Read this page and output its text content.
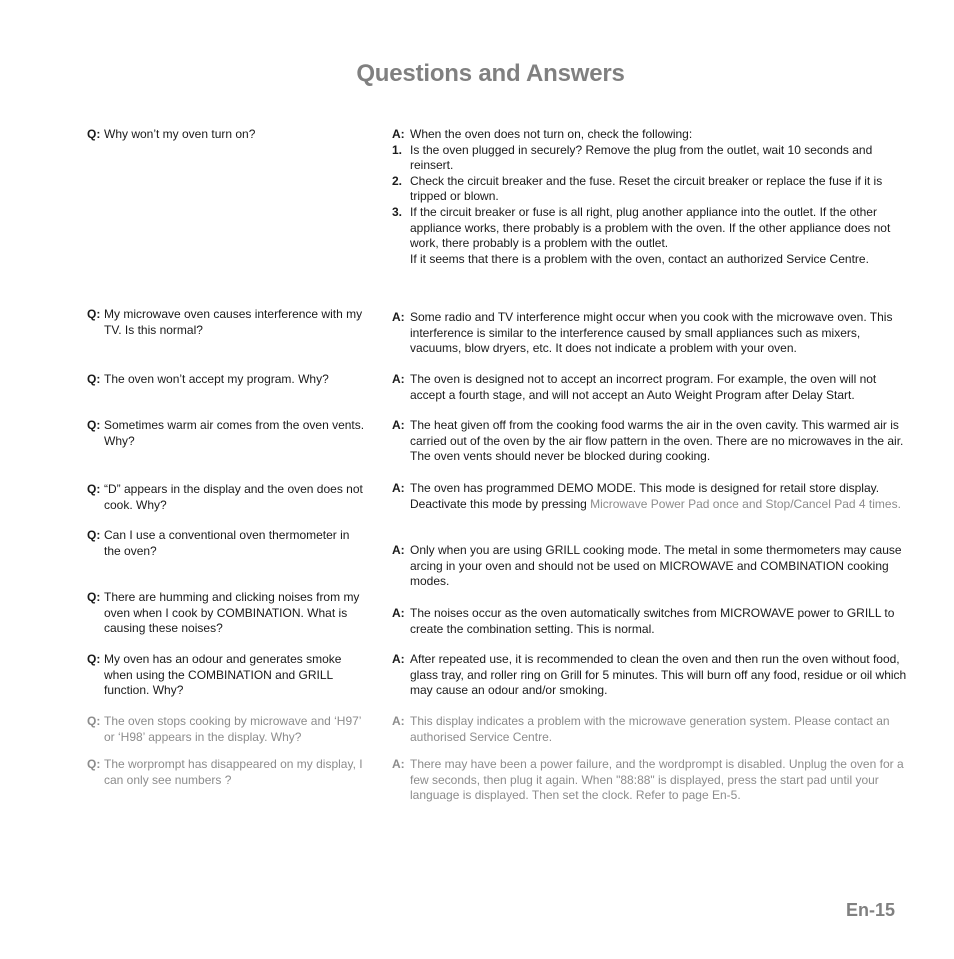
Questions and Answers
Q: Why won’t my oven turn on?	A: When the oven does not turn on, check the following:
1. Is the oven plugged in securely? Remove the plug from the outlet, wait 10 seconds and reinsert.
2. Check the circuit breaker and the fuse. Reset the circuit breaker or replace the fuse if it is tripped or blown.
3. If the circuit breaker or fuse is all right, plug another appliance into the outlet. If the other appliance works, there probably is a problem with the oven. If the other appliance does not work, there probably is a problem with the outlet.
If it seems that there is a problem with the oven, contact an authorized Service Centre.
Q: My microwave oven causes interference with my TV. Is this normal?
A: Some radio and TV interference might occur when you cook with the microwave oven. This interference is similar to the interference caused by small appliances such as mixers, vacuums, blow dryers, etc. It does not indicate a problem with your oven.
Q: The oven won’t accept my program. Why?	A: The oven is designed not to accept an incorrect program. For example, the oven will not accept a fourth stage, and will not accept an Auto Weight Program after Delay Start.
Q: Sometimes warm air comes from the oven vents. Why?
A: The heat given off from the cooking food warms the air in the oven cavity. This warmed air is carried out of the oven by the air flow pattern in the oven. There are no microwaves in the air. The oven vents should never be blocked during cooking.
Q: “D” appears in the display and the oven does not cook. Why?
A: The oven has programmed DEMO MODE. This mode is designed for retail store display. Deactivate this mode by pressing Microwave Power Pad once and Stop/Cancel Pad 4 times.
Q: Can I use a conventional oven thermometer in the oven?	A: Only when you are using GRILL cooking mode. The metal in some thermometers may cause arcing in your oven and should not be used on MICROWAVE and COMBINATION cooking modes.
Q: There are humming and clicking noises from my oven when I cook by COMBINATION. What is causing these noises?
A: The noises occur as the oven automatically switches from MICROWAVE power to GRILL to create the combination setting. This is normal.
Q: My oven has an odour and generates smoke when using the COMBINATION and GRILL function. Why?
A: After repeated use, it is recommended to clean the oven and then run the oven without food, glass tray, and roller ring on Grill for 5 minutes. This will burn off any food, residue or oil which may cause an odour and/or smoking.
Q: The oven stops cooking by microwave and ‘H97’ or ‘H98’ appears in the display. Why?
A: This display indicates a problem with the microwave generation system. Please contact an authorised Service Centre.
Q: The worprompt has disappeared on my display, I can only see numbers ?
A: There may have been a power failure, and the wordprompt is disabled. Unplug the oven for a few seconds, then plug it again. When "88:88" is displayed, press the start pad until your language is displayed. Then set the clock. Refer to page En-5.
En-15
